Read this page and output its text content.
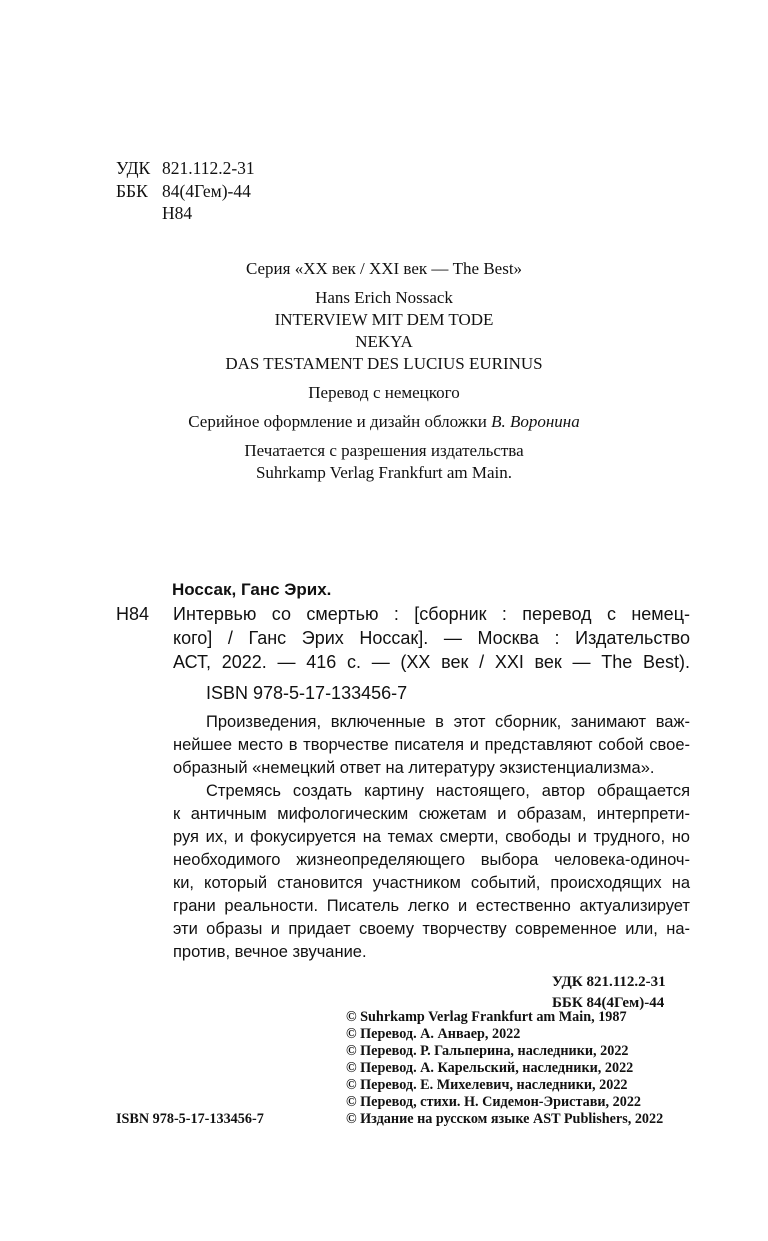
УДК 821.112.2-31
ББК 84(4Гем)-44
Н84
Серия «XX век / XXI век — The Best»
Hans Erich Nossack
INTERVIEW MIT DEM TODE
NEKYA
DAS TESTAMENT DES LUCIUS EURINUS
Перевод с немецкого
Серийное оформление и дизайн обложки В. Воронина
Печатается с разрешения издательства
Suhrkamp Verlag Frankfurt am Main.
Носсак, Ганс Эрих.
Н84 Интервью со смертью : [сборник : перевод с немец-
кого] / Ганс Эрих Носсак]. — Москва : Издательство
АСТ, 2022. — 416 с. — (XX век / XXI век — The Best).
ISBN 978-5-17-133456-7
Произведения, включенные в этот сборник, занимают важ-
нейшее место в творчестве писателя и представляют собой свое-
образный «немецкий ответ на литературу экзистенциализма».
Стремясь создать картину настоящего, автор обращается
к античным мифологическим сюжетам и образам, интерпрети-
руя их, и фокусируется на темах смерти, свободы и трудного, но
необходимого жизнеопределяющего выбора человека-одиноч-
ки, который становится участником событий, происходящих на
грани реальности. Писатель легко и естественно актуализирует
эти образы и придает своему творчеству современное или, на-
против, вечное звучание.
УДК 821.112.2-31
ББК 84(4Гем)-44
© Suhrkamp Verlag Frankfurt am Main, 1987
© Перевод. А. Анваер, 2022
© Перевод. Р. Гальперина, наследники, 2022
© Перевод. А. Карельский, наследники, 2022
© Перевод. Е. Михелевич, наследники, 2022
© Перевод, стихи. Н. Сидемон-Эристави, 2022
© Издание на русском языке AST Publishers, 2022
ISBN 978-5-17-133456-7
